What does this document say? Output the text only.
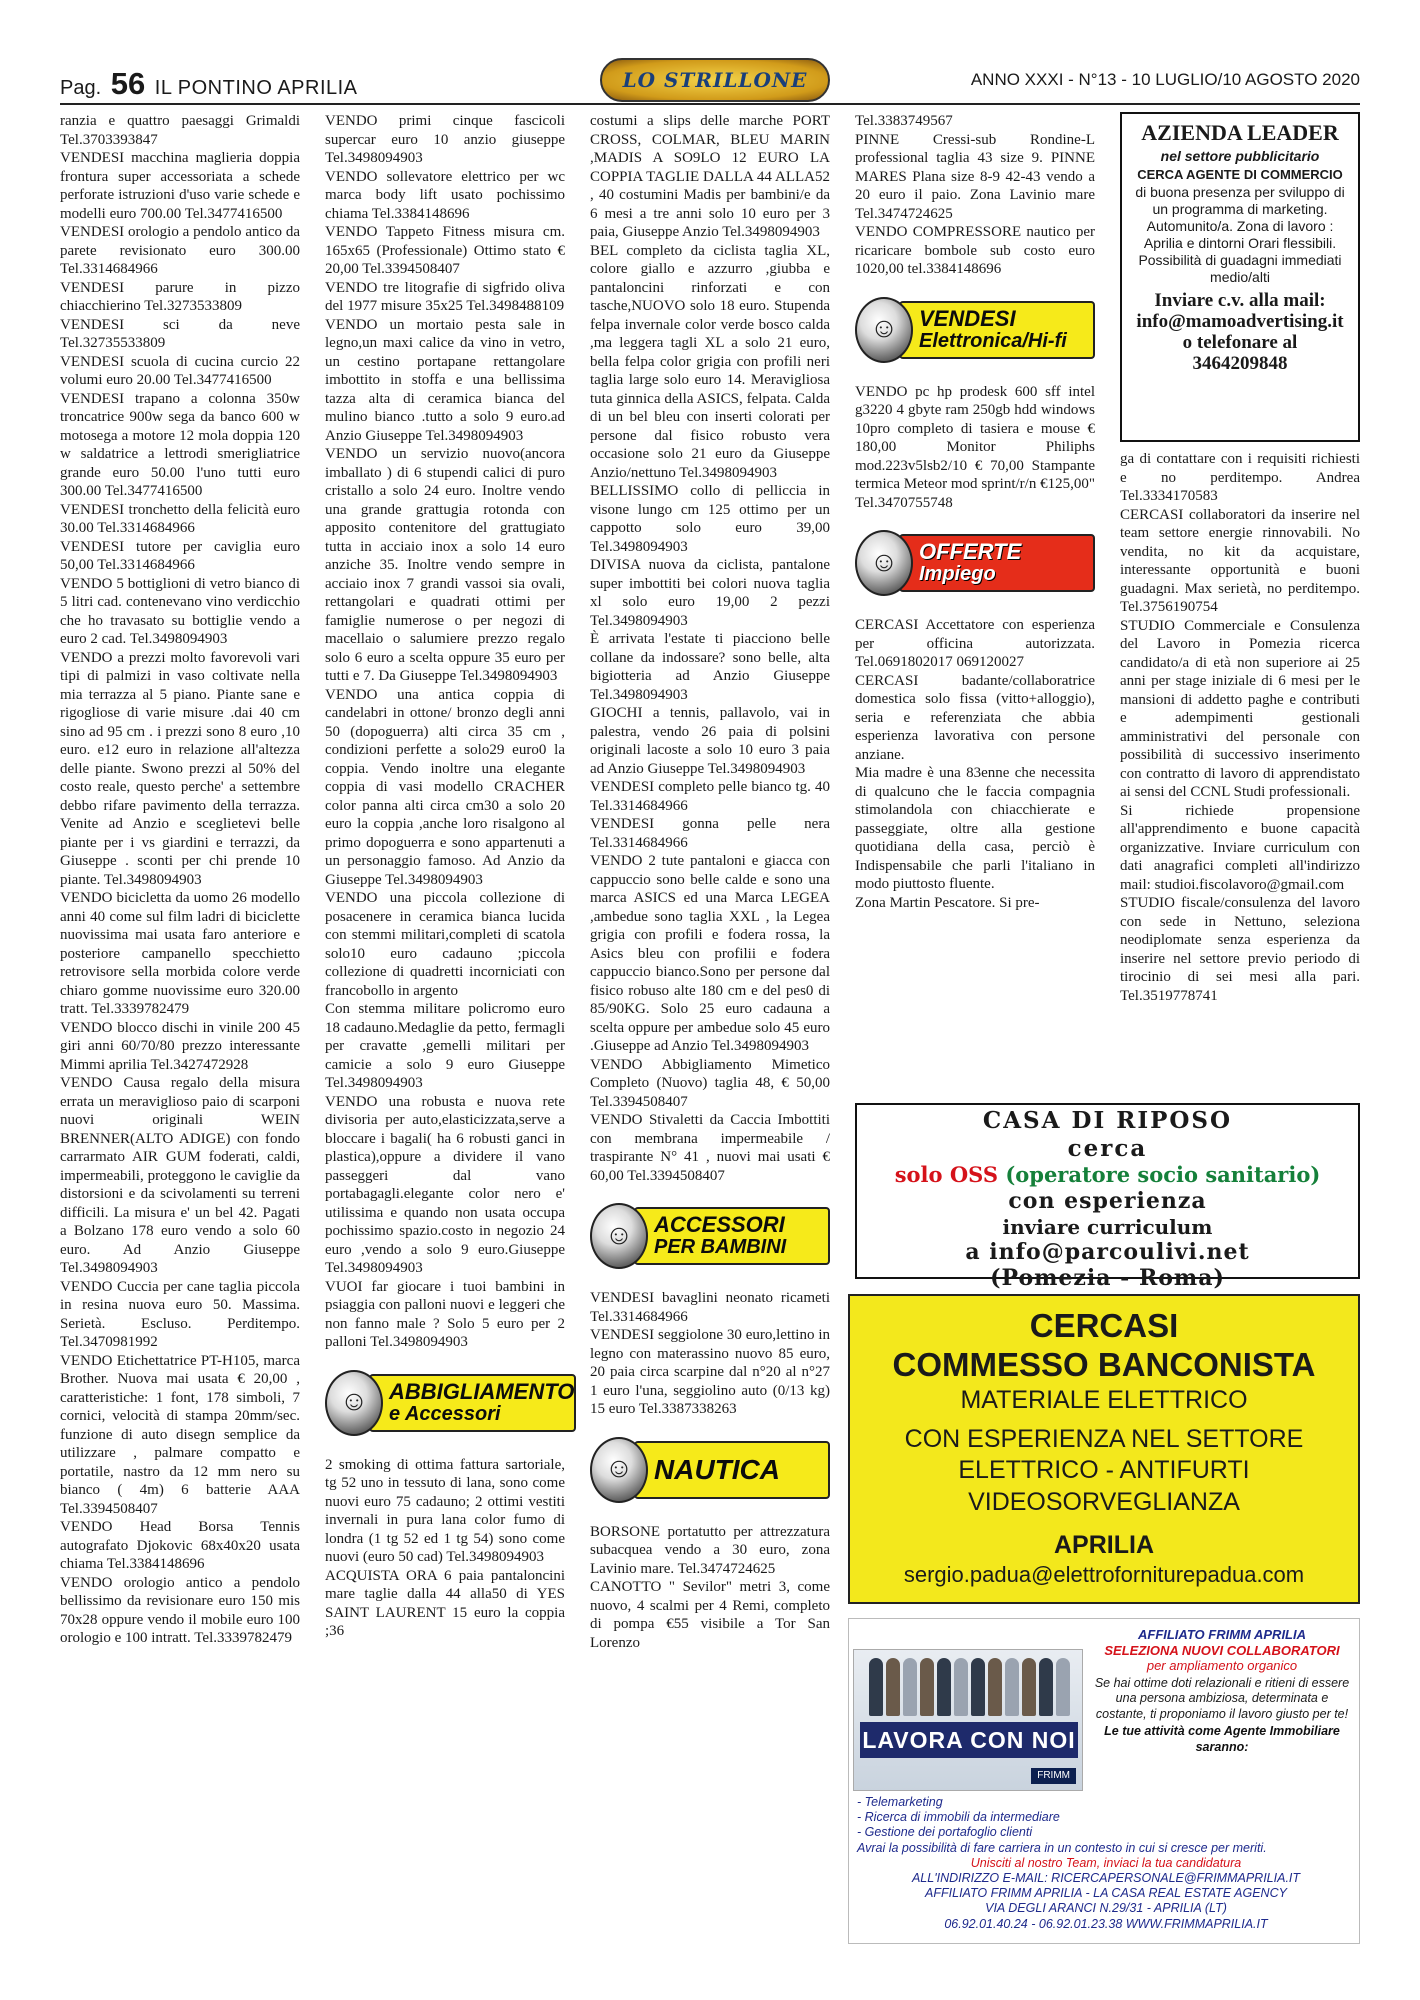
Pag. 56 IL PONTINO APRILIA	LO STRILLONE	ANNO XXXI - N°13 - 10 LUGLIO/10 AGOSTO 2020

ranzia e quattro paesaggi Grimaldi Tel.3703393847

VENDESI macchina maglieria doppia frontura super accessoriata a schede perforate istruzioni d'uso varie schede e modelli euro 700.00 Tel.3477416500

VENDESI orologio a pendolo antico da parete revisionato euro 300.00 Tel.3314684966

VENDESI parure in pizzo chiacchierino Tel.3273533809

VENDESI sci da neve Tel.32735533809

VENDESI scuola di cucina curcio 22 volumi euro 20.00 Tel.3477416500

VENDESI trapano a colonna 350w troncatrice 900w sega da banco 600 w motosega a motore 12 mola doppia 120 w saldatrice a lettrodi smerigliatrice grande euro 50.00 l'uno tutti euro 300.00 Tel.3477416500

VENDESI tronchetto della felicità euro 30.00 Tel.3314684966

VENDESI tutore per caviglia euro 50,00 Tel.3314684966

VENDO 5 bottiglioni di vetro bianco di 5 litri cad. contenevano vino verdicchio che ho travasato su bottiglie vendo a euro 2 cad. Tel.3498094903

VENDO a prezzi molto favorevoli vari tipi di palmizi in vaso coltivate nella mia terrazza al 5 piano. Piante sane e rigogliose di varie misure .dai 40 cm sino ad 95 cm . i prezzi sono 8 euro ,10 euro. e12 euro in relazione all'altezza delle piante. Swono prezzi al 50% del costo reale, questo perche' a settembre debbo rifare pavimento della terrazza. Venite ad Anzio e sceglietevi belle piante per i vs giardini e terrazzi, da Giuseppe . sconti per chi prende 10 piante. Tel.3498094903

VENDO bicicletta da uomo 26 modello anni 40 come sul film ladri di biciclette nuovissima mai usata faro anteriore e posteriore campanello specchietto retrovisore sella morbida colore verde chiaro gomme nuovissime euro 320.00 tratt. Tel.3339782479

VENDO blocco dischi in vinile 200 45 giri anni 60/70/80 prezzo interessante Mimmi aprilia Tel.3427472928

VENDO Causa regalo della misura errata un meraviglioso paio di scarponi nuovi originali WEIN BRENNER(ALTO ADIGE) con fondo carrarmato AIR GUM foderati, caldi, impermeabili, proteggono le caviglie da distorsioni e da scivolamenti su terreni difficili. La misura e' un bel 42. Pagati a Bolzano 178 euro vendo a solo 60 euro. Ad Anzio Giuseppe Tel.3498094903

VENDO Cuccia per cane taglia piccola in resina nuova euro 50. Massima. Serietà. Escluso. Perditempo. Tel.3470981992

VENDO Etichettatrice PT-H105, marca Brother. Nuova mai usata € 20,00 , caratteristiche: 1 font, 178 simboli, 7 cornici, velocità di stampa 20mm/sec. funzione di auto disegn semplice da utilizzare , palmare compatto e portatile, nastro da 12 mm nero su bianco ( 4m) 6 batterie AAA Tel.3394508407

VENDO Head Borsa Tennis autografato Djokovic 68x40x20 usata chiama Tel.3384148696

VENDO orologio antico a pendolo bellissimo da revisionare euro 150 mis 70x28 oppure vendo il mobile euro 100 orologio e 100 intratt. Tel.3339782479

VENDO primi cinque fascicoli supercar euro 10 anzio giuseppe Tel.3498094903

VENDO sollevatore elettrico per wc marca body lift usato pochissimo chiama Tel.3384148696

VENDO Tappeto Fitness misura cm. 165x65 (Professionale) Ottimo stato € 20,00 Tel.3394508407

VENDO tre litografie di sigfrido oliva del 1977 misure 35x25 Tel.3498488109

VENDO un mortaio pesta sale in legno,un maxi calice da vino in vetro, un cestino portapane rettangolare imbottito in stoffa e una bellissima tazza alta di ceramica bianca del mulino bianco .tutto a solo 9 euro.ad Anzio Giuseppe Tel.3498094903

VENDO un servizio nuovo(ancora imballato ) di 6 stupendi calici di puro cristallo a solo 24 euro. Inoltre vendo una grande grattugia rotonda con apposito contenitore del grattugiato tutta in acciaio inox a solo 14 euro anziche 35. Inoltre vendo sempre in acciaio inox 7 grandi vassoi sia ovali, rettangolari e quadrati ottimi per famiglie numerose o per negozi di macellaio o salumiere prezzo regalo solo 6 euro a scelta oppure 35 euro per tutti e 7. Da Giuseppe Tel.3498094903

VENDO una antica coppia di candelabri in ottone/ bronzo degli anni 50 (dopoguerra) alti circa 35 cm , condizioni perfette a solo29 euro0 la coppia. Vendo inoltre una elegante coppia di vasi modello CRACHER color panna alti circa cm30 a solo 20 euro la coppia ,anche loro risalgono al primo dopoguerra e sono appartenuti a un personaggio famoso. Ad Anzio da Giuseppe Tel.3498094903

VENDO una piccola collezione di posacenere in ceramica bianca lucida con stemmi militari,completi di scatola solo10 euro cadauno ;piccola collezione di quadretti incorniciati con francobollo in argento

Con stemma militare policromo euro 18 cadauno.Medaglie da petto, fermagli per cravatte ,gemelli militari per camicie a solo 9 euro Giuseppe Tel.3498094903

VENDO una robusta e nuova rete divisoria per auto,elasticizzata,serve a bloccare i bagali( ha 6 robusti ganci in plastica),oppure a dividere il vano passeggeri dal vano portabagagli.elegante color nero e' utilissima e quando non usata occupa pochissimo spazio.costo in negozio 24 euro ,vendo a solo 9 euro.Giuseppe Tel.3498094903

VUOI far giocare i tuoi bambini in psiaggia con palloni nuovi e leggeri che non fanno male ? Solo 5 euro per 2 palloni Tel.3498094903

☺ ABBIGLIAMENTO
e Accessori

2 smoking di ottima fattura sartoriale, tg 52 uno in tessuto di lana, sono come nuovi euro 75 cadauno; 2 ottimi vestiti invernali in pura lana color fumo di londra (1 tg 52 ed 1 tg 54) sono come nuovi (euro 50 cad) Tel.3498094903

ACQUISTA ORA 6 paia pantaloncini mare taglie dalla 44 alla50 di YES SAINT LAURENT 15 euro la coppia ;36

costumi a slips delle marche PORT CROSS, COLMAR, BLEU MARIN ,MADIS A SO9LO 12 EURO LA COPPIA TAGLIE DALLA 44 ALLA52 , 40 costumini Madis per bambini/e da 6 mesi a tre anni solo 10 euro per 3 paia, Giuseppe Anzio Tel.3498094903

BEL completo da ciclista taglia XL, colore giallo e azzurro ,giubba e pantaloncini rinforzati e con tasche,NUOVO solo 18 euro. Stupenda felpa invernale color verde bosco calda ,ma leggera tagli XL a solo 21 euro, bella felpa color grigia con profili neri taglia large solo euro 14. Meravigliosa tuta ginnica della ASICS, felpata. Calda di un bel bleu con inserti colorati per persone dal fisico robusto vera occasione solo 21 euro da Giuseppe Anzio/nettuno Tel.3498094903

BELLISSIMO collo di pelliccia in visone lungo cm 125 ottimo per un cappotto solo euro 39,00 Tel.3498094903

DIVISA nuova da ciclista, pantalone super imbottiti bei colori nuova taglia xl solo euro 19,00 2 pezzi Tel.3498094903

È arrivata l'estate ti piacciono belle collane da indossare? sono belle, alta bigiotteria ad Anzio Giuseppe Tel.3498094903

GIOCHI a tennis, pallavolo, vai in palestra, vendo 26 paia di polsini originali lacoste a solo 10 euro 3 paia ad Anzio Giuseppe Tel.3498094903

VENDESI completo pelle bianco tg. 40 Tel.3314684966

VENDESI gonna pelle nera Tel.3314684966

VENDO 2 tute pantaloni e giacca con cappuccio sono belle calde e sono una marca ASICS ed una Marca LEGEA ,ambedue sono taglia XXL , la Legea grigia con profili e fodera rossa, la Asics bleu con profilii e fodera cappuccio bianco.Sono per persone dal fisico robuso alte 180 cm e del pes0 di 85/90KG. Solo 25 euro cadauna a scelta oppure per ambedue solo 45 euro .Giuseppe ad Anzio Tel.3498094903

VENDO Abbigliamento Mimetico Completo (Nuovo) taglia 48, € 50,00 Tel.3394508407

VENDO Stivaletti da Caccia Imbottiti con membrana impermeabile / traspirante N° 41 , nuovi mai usati € 60,00 Tel.3394508407

☺ ACCESSORI
PER BAMBINI

VENDESI bavaglini neonato ricameti Tel.3314684966

VENDESI seggiolone 30 euro,lettino in legno con materassino nuovo 85 euro, 20 paia circa scarpine dal n°20 al n°27 1 euro l'una, seggiolino auto (0/13 kg) 15 euro Tel.3387338263

☺ NAUTICA

BORSONE portatutto per attrezzatura subacquea vendo a 30 euro, zona Lavinio mare. Tel.3474724625

CANOTTO " Sevilor" metri 3, come nuovo, 4 scalmi per 4 Remi, completo di pompa €55 visibile a Tor San Lorenzo

Tel.3383749567

PINNE Cressi-sub Rondine-L professional taglia 43 size 9. PINNE MARES Plana size 8-9 42-43 vendo a 20 euro il paio. Zona Lavinio mare Tel.3474724625

VENDO COMPRESSORE nautico per ricaricare bombole sub costo euro 1020,00 tel.3384148696

☺ VENDESI
Elettronica/Hi-fi

VENDO pc hp prodesk 600 sff intel g3220 4 gbyte ram 250gb hdd windows 10pro completo di tasiera e mouse € 180,00 Monitor Philiphs mod.223v5lsb2/10 € 70,00 Stampante termica Meteor mod sprint/r/n €125,00" Tel.3470755748

☺ OFFERTE
Impiego

CERCASI Accettatore con esperienza per officina autorizzata. Tel.0691802017 069120027

CERCASI badante/collaboratrice domestica solo fissa (vitto+alloggio), seria e referenziata che abbia esperienza lavorativa con persone anziane.

Mia madre è una 83enne che necessita di qualcuno che le faccia compagnia stimolandola con chiacchierate e passeggiate, oltre alla gestione quotidiana della casa, perciò è Indispensabile che parli l'italiano in modo piuttosto fluente.

Zona Martin Pescatore. Si pre-

AZIENDA LEADER
nel settore pubblicitario
CERCA AGENTE DI COMMERCIO
di buona presenza per sviluppo di un programma di marketing. Automunito/a. Zona di lavoro : Aprilia e dintorni Orari flessibili. Possibilità di guadagni immediati medio/alti
Inviare c.v. alla mail: info@mamoadvertising.it o telefonare al
3464209848

ga di contattare con i requisiti richiesti e no perditempo. Andrea Tel.3334170583

CERCASI collaboratori da inserire nel team settore energie rinnovabili. No vendita, no kit da acquistare, interessante opportunità e buoni guadagni. Max serietà, no perditempo. Tel.3756190754

STUDIO Commerciale e Consulenza del Lavoro in Pomezia ricerca candidato/a di età non superiore ai 25 anni per stage iniziale di 6 mesi per le mansioni di addetto paghe e contributi e adempimenti gestionali amministrativi del personale con possibilità di successivo inserimento con contratto di lavoro di apprendistato ai sensi del CCNL Studi professionali.

Si richiede propensione all'apprendimento e buone capacità organizzative. Inviare curriculum con dati anagrafici completi all'indirizzo mail: studioi.fiscolavoro@gmail.com

STUDIO fiscale/consulenza del lavoro con sede in Nettuno, seleziona neodiplomate senza esperienza da inserire nel settore previo periodo di tirocinio di sei mesi alla pari. Tel.3519778741

CASA DI RIPOSO
cerca
solo OSS (operatore socio sanitario)
con esperienza
inviare curriculum
a info@parcoulivi.net
(Pomezia - Roma)
CERCASI
COMMESSO BANCONISTA
MATERIALE ELETTRICO
CON ESPERIENZA NEL SETTORE
ELETTRICO - ANTIFURTI
VIDEOSORVEGLIANZA
APRILIA
sergio.padua@elettroforniturepadua.com
LAVORA CON NOI
FRIMM
AFFILIATO FRIMM APRILIA
SELEZIONA NUOVI COLLABORATORI
per ampliamento organico
Se hai ottime doti relazionali e ritieni di essere una persona ambiziosa, determinata e costante, ti proponiamo il lavoro giusto per te!
Le tue attività come Agente Immobiliare saranno:
- Telemarketing
- Ricerca di immobili da intermediare
- Gestione dei portafoglio clienti
Avrai la possibilità di fare carriera in un contesto in cui si cresce per meriti.
Unisciti al nostro Team, inviaci la tua candidatura
ALL'INDIRIZZO E-MAIL: RICERCAPERSONALE@FRIMMAPRILIA.IT
AFFILIATO FRIMM APRILIA - LA CASA REAL ESTATE AGENCY
VIA DEGLI ARANCI N.29/31 - APRILIA (LT)
06.92.01.40.24 - 06.92.01.23.38 WWW.FRIMMAPRILIA.IT
